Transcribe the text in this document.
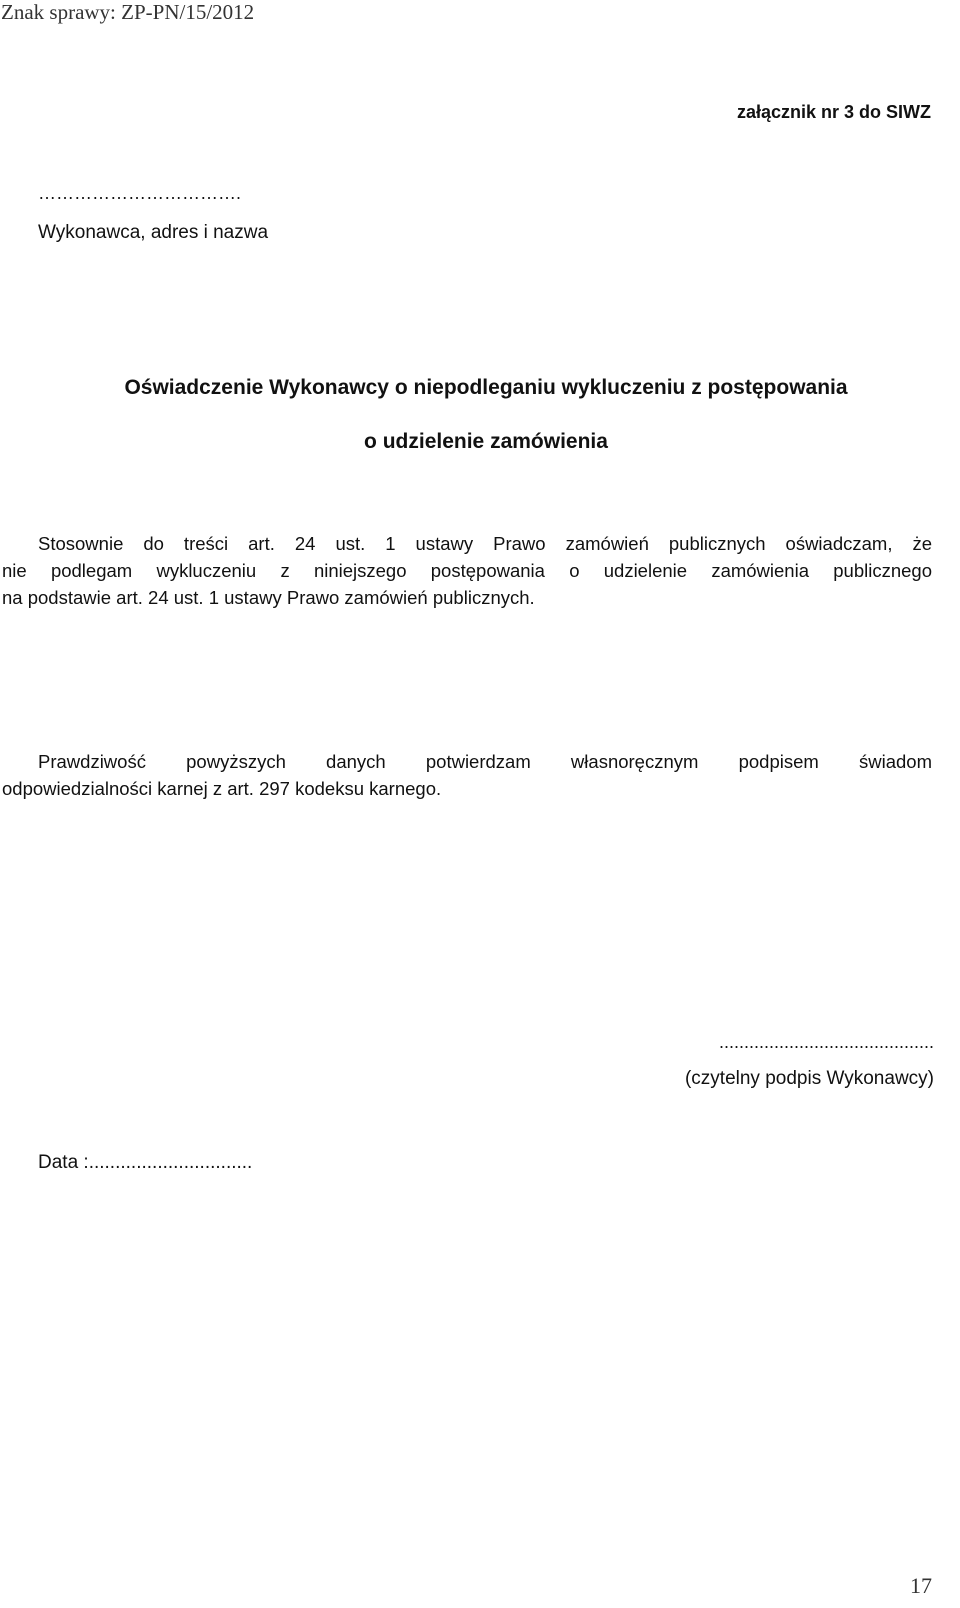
Znak sprawy: ZP-PN/15/2012
załącznik nr 3 do SIWZ
…………………………….
Wykonawca, adres i nazwa
Oświadczenie Wykonawcy o niepodleganiu wykluczeniu z postępowania
o udzielenie zamówienia

Stosownie do treści art. 24 ust. 1 ustawy Prawo zamówień publicznych oświadczam, że

nie podlegam wykluczeniu z niniejszego postępowania o udzielenie zamówienia publicznego

na podstawie art. 24 ust. 1 ustawy Prawo zamówień publicznych.

Prawdziwość powyższych danych potwierdzam własnoręcznym podpisem świadom

odpowiedzialności karnej z art. 297 kodeksu karnego.

...........................................
(czytelny podpis Wykonawcy)
Data :...............................
17
